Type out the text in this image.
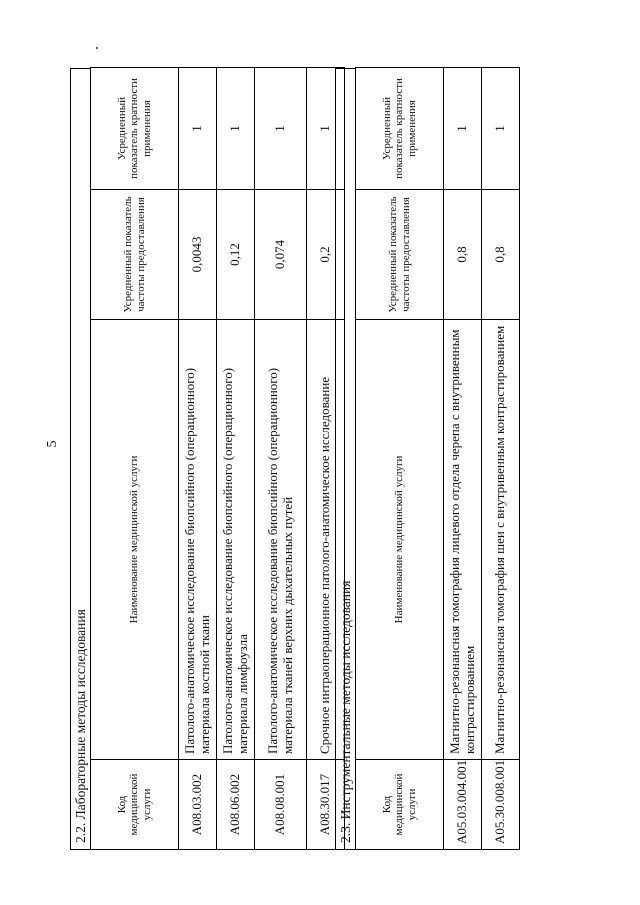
5
2.2. Лабораторные методы исследования	Код медицинской услуги	Наименование медицинской услуги	Усредненный показатель частоты предоставления	Усредненный показатель кратности применения
A08.03.002	Патолого-анатомическое исследование биопсийного (операционного) материала костной ткани	0,0043	1
A08.06.002	Патолого-анатомическое исследование биопсийного (операционного) материала лимфоузла	0,12	1
A08.08.001	Патолого-анатомическое исследование биопсийного (операционного) материала тканей верхних дыхательных путей	0,074	1
A08.30.017	Срочное интраоперационное патолого-анатомическое исследование	0,2	1
2.3. Инструментальные методы исследования	Код медицинской услуги	Наименование медицинской услуги	Усредненный показатель частоты предоставления	Усредненный показатель кратности применения
A05.03.004.001	Магнитно-резонансная томография лицевого отдела черепа с внутривенным контрастированием	0,8	1
A05.30.008.001	Магнитно-резонансная томография шеи с внутривенным контрастированием	0,8	1
